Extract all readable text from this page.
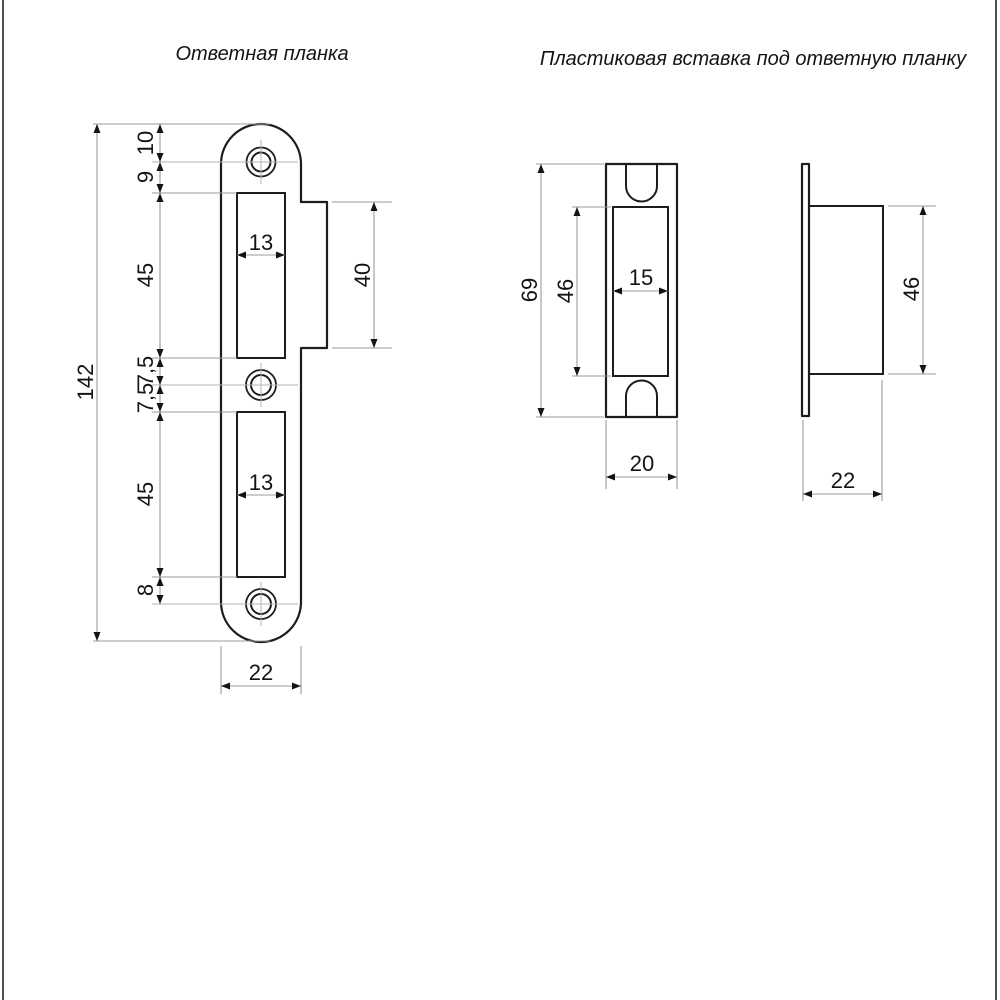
Ответная планка	Пластиковая вставка под ответную планку
142
10
9
45
7,5
7,5
45
8
13
13
40
22
69 46
15
20
46
22
